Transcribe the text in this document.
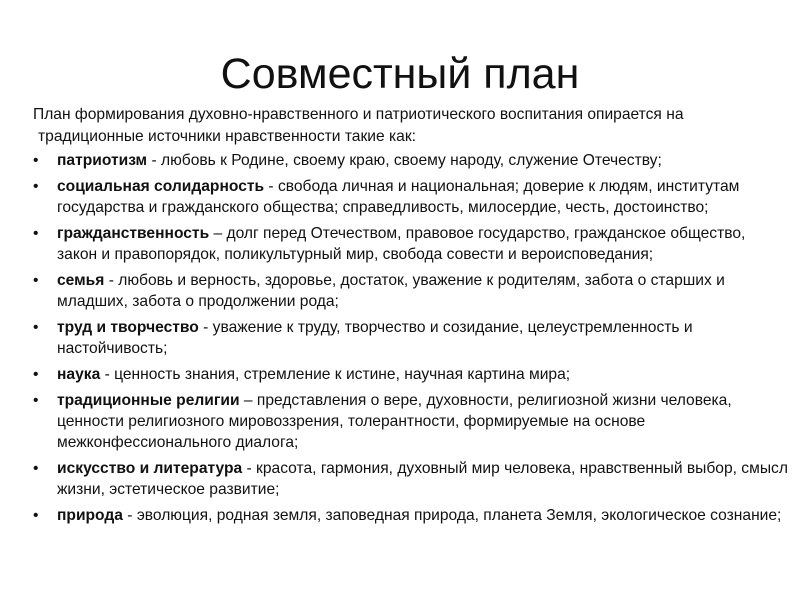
Совместный план
План формирования духовно-нравственного и патриотического воспитания опирается на традиционные источники нравственности такие как:
• патриотизм - любовь к Родине, своему краю, своему народу, служение Отечеству;
• социальная солидарность - свобода личная и национальная; доверие к людям, институтам государства и гражданского общества; справедливость, милосердие, честь, достоинство;
• гражданственность – долг перед Отечеством, правовое государство, гражданское общество, закон и правопорядок, поликультурный мир, свобода совести и вероисповедания;
• семья - любовь и верность, здоровье, достаток, уважение к родителям, забота о старших и младших, забота о продолжении рода;
• труд и творчество - уважение к труду, творчество и созидание, целеустремленность и настойчивость;
• наука - ценность знания, стремление к истине, научная картина мира;
• традиционные религии – представления о вере, духовности, религиозной жизни человека, ценности религиозного мировоззрения, толерантности, формируемые на основе межконфессионального диалога;
• искусство и литература - красота, гармония, духовный мир человека, нравственный выбор, смысл жизни, эстетическое развитие;
• природа - эволюция, родная земля, заповедная природа, планета Земля, экологическое сознание;
